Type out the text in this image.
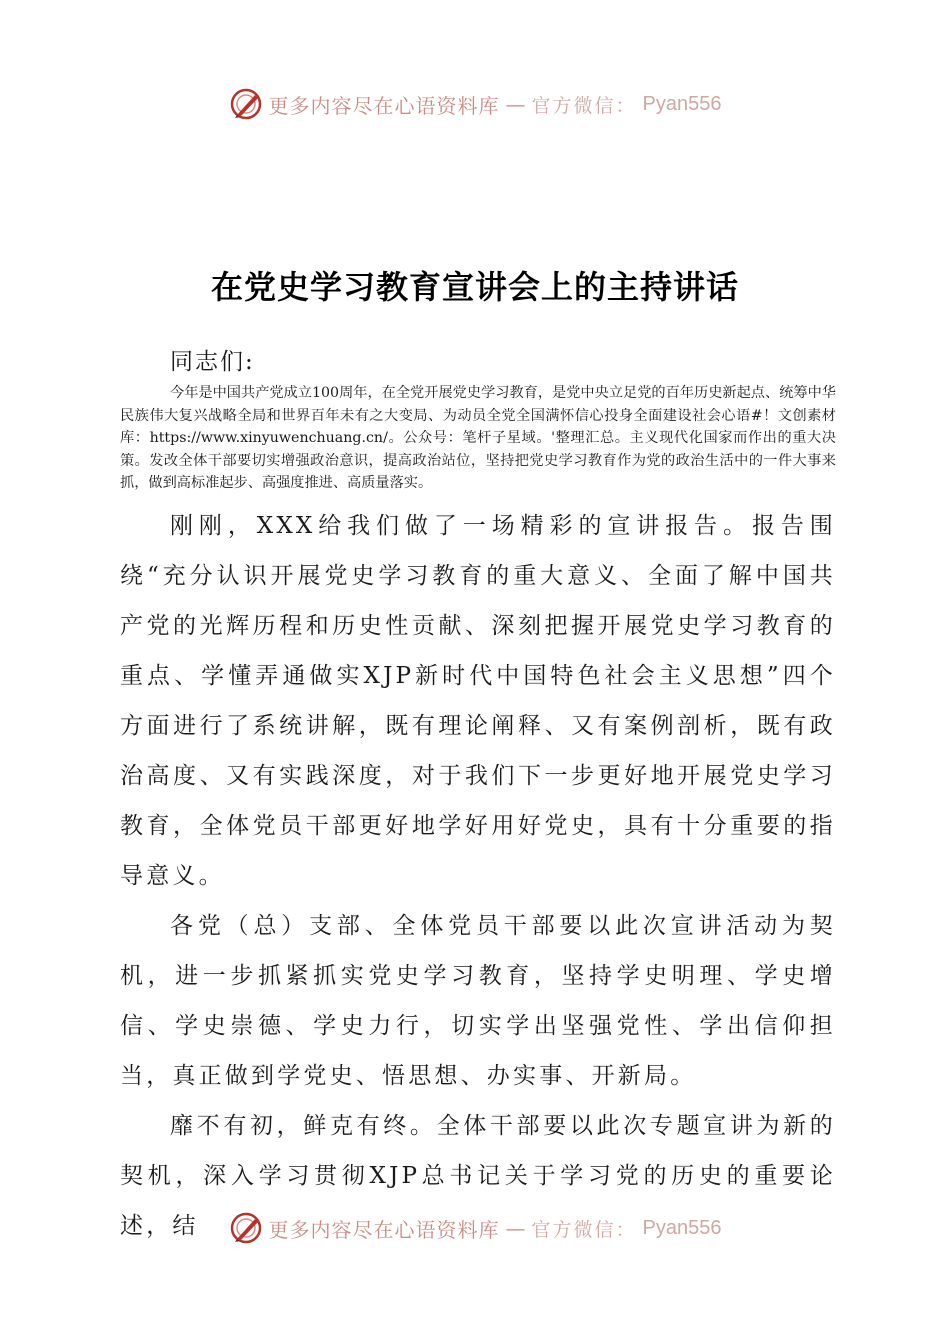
更多内容尽在心语资料库 — 官方微信： Pyan556
在党史学习教育宣讲会上的主持讲话

同志们:

今年是中国共产党成立100周年，在全党开展党史学习教育，是党中央立足党的百年历史新起点、统筹中华民族伟大复兴战略全局和世界百年未有之大变局、为动员全党全国满怀信心投身全面建设社会心语#！文创素材库：https://www.xinyuwenchuang.cn/。公众号：笔杆子星域。'整理汇总。主义现代化国家而作出的重大决策。发改全体干部要切实增强政治意识，提高政治站位，坚持把党史学习教育作为党的政治生活中的一件大事来抓，做到高标准起步、高强度推进、高质量落实。

刚刚，XXX给我们做了一场精彩的宣讲报告。报告围绕“充分认识开展党史学习教育的重大意义、全面了解中国共产党的光辉历程和历史性贡献、深刻把握开展党史学习教育的重点、学懂弄通做实XJP新时代中国特色社会主义思想”四个方面进行了系统讲解，既有理论阐释、又有案例剖析，既有政治高度、又有实践深度，对于我们下一步更好地开展党史学习教育，全体党员干部更好地学好用好党史，具有十分重要的指导意义。

各党（总）支部、全体党员干部要以此次宣讲活动为契机，进一步抓紧抓实党史学习教育，坚持学史明理、学史增信、学史崇德、学史力行，切实学出坚强党性、学出信仰担当，真正做到学党史、悟思想、办实事、开新局。

靡不有初，鲜克有终。全体干部要以此次专题宣讲为新的契机，深入学习贯彻XJP总书记关于学习党的历史的重要论述，结	更多内容尽在心语资料库 — 官方微信： Pyan556
